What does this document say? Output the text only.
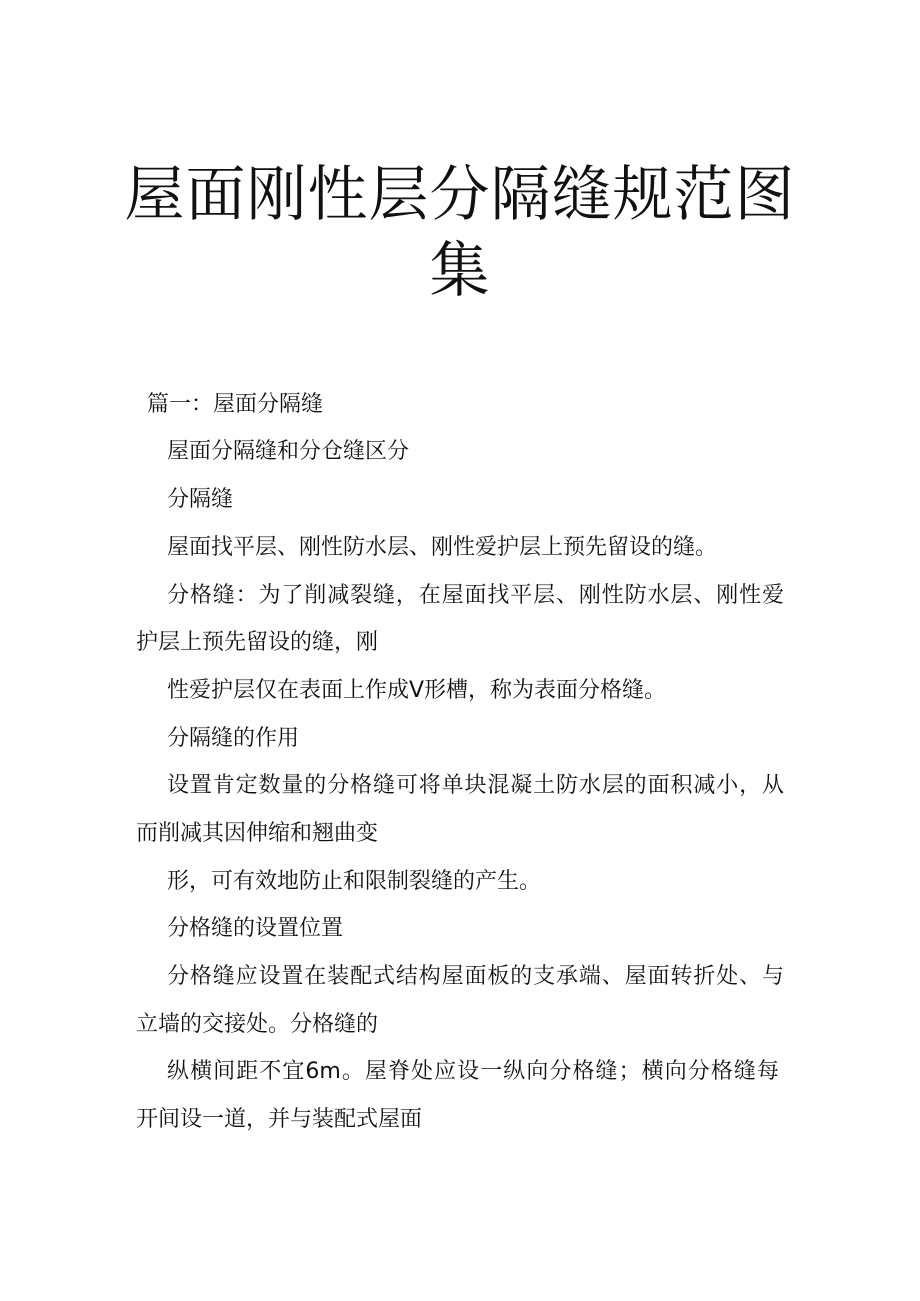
屋面刚性层分隔缝规范图
集
篇一：屋面分隔缝
屋面分隔缝和分仓缝区分
分隔缝
屋面找平层、刚性防水层、刚性爱护层上预先留设的缝。
分格缝：为了削减裂缝，在屋面找平层、刚性防水层、刚性爱
护层上预先留设的缝，刚
性爱护层仅在表面上作成V形槽，称为表面分格缝。
分隔缝的作用
设置肯定数量的分格缝可将单块混凝土防水层的面积减小，从
而削减其因伸缩和翘曲变
形，可有效地防止和限制裂缝的产生。
分格缝的设置位置
分格缝应设置在装配式结构屋面板的支承端、屋面转折处、与
立墙的交接处。分格缝的
纵横间距不宜6m。屋脊处应设一纵向分格缝；横向分格缝每
开间设一道，并与装配式屋面
